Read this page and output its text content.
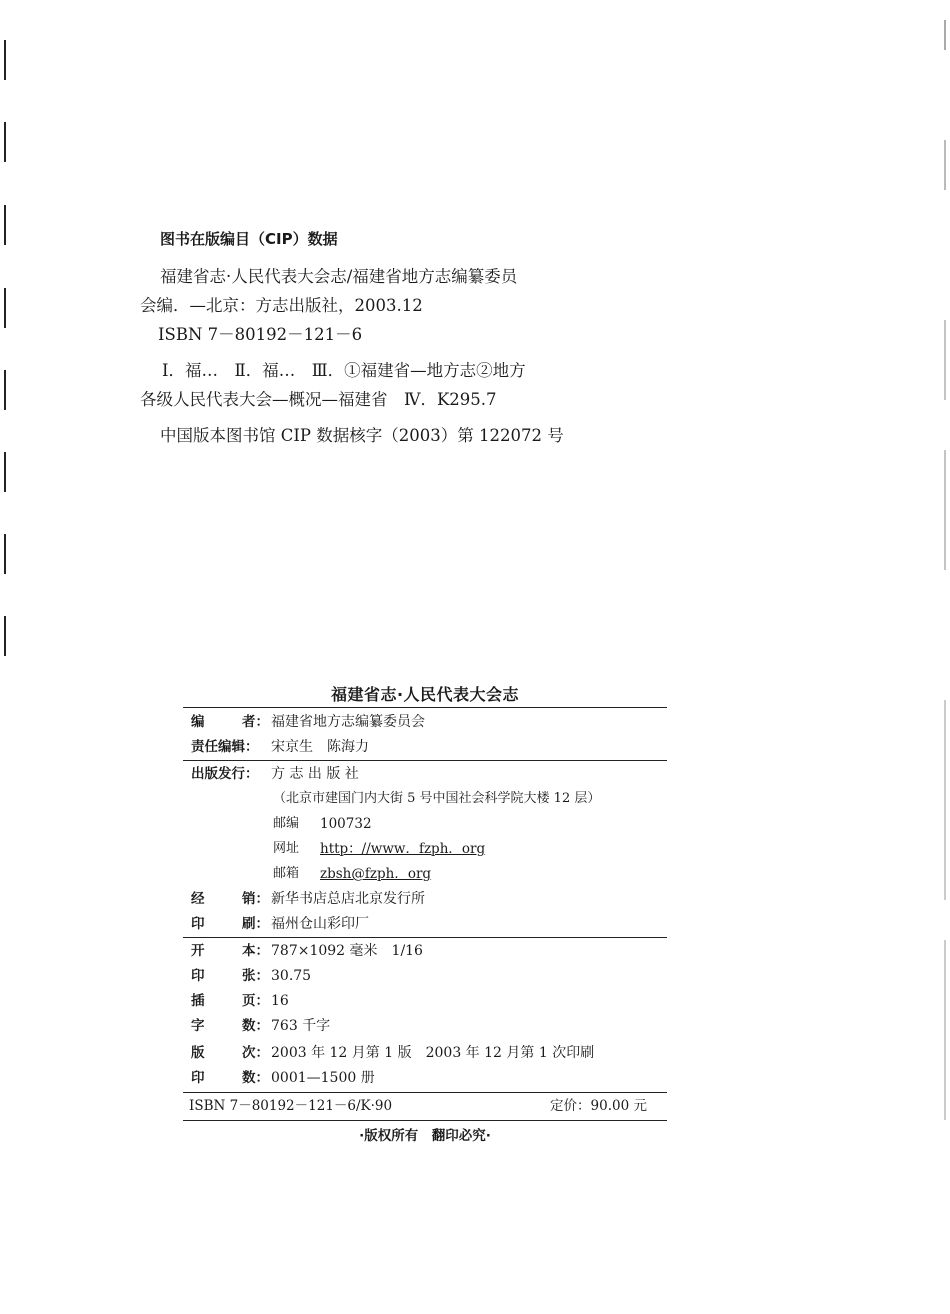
图书在版编目（CIP）数据
福建省志·人民代表大会志/福建省地方志编纂委员
会编．—北京：方志出版社，2003.12
ISBN 7－80192－121－6
Ⅰ．福…　Ⅱ．福…　Ⅲ．①福建省—地方志②地方
各级人民代表大会—概况—福建省　Ⅳ．K295.7
中国版本图书馆 CIP 数据核字（2003）第 122072 号
福建省志·人民代表大会志
编	者： 福建省地方志编纂委员会
责任编辑： 宋京生　陈海力
出版发行： 方 志 出 版 社
（北京市建国门内大街 5 号中国社会科学院大楼 12 层）
邮编	100732
网址	http：//www．fzph．org
邮箱	zbsh@fzph．org
经	销： 新华书店总店北京发行所
印	刷： 福州仓山彩印厂
开	本： 787×1092 毫米　1/16
印	张： 30.75
插	页： 16
字	数： 763 千字
版	次： 2003 年 12 月第 1 版　2003 年 12 月第 1 次印刷
印	数： 0001—1500 册
ISBN 7－80192－121－6/K·90	定价：90.00 元
·版权所有　翻印必究·
